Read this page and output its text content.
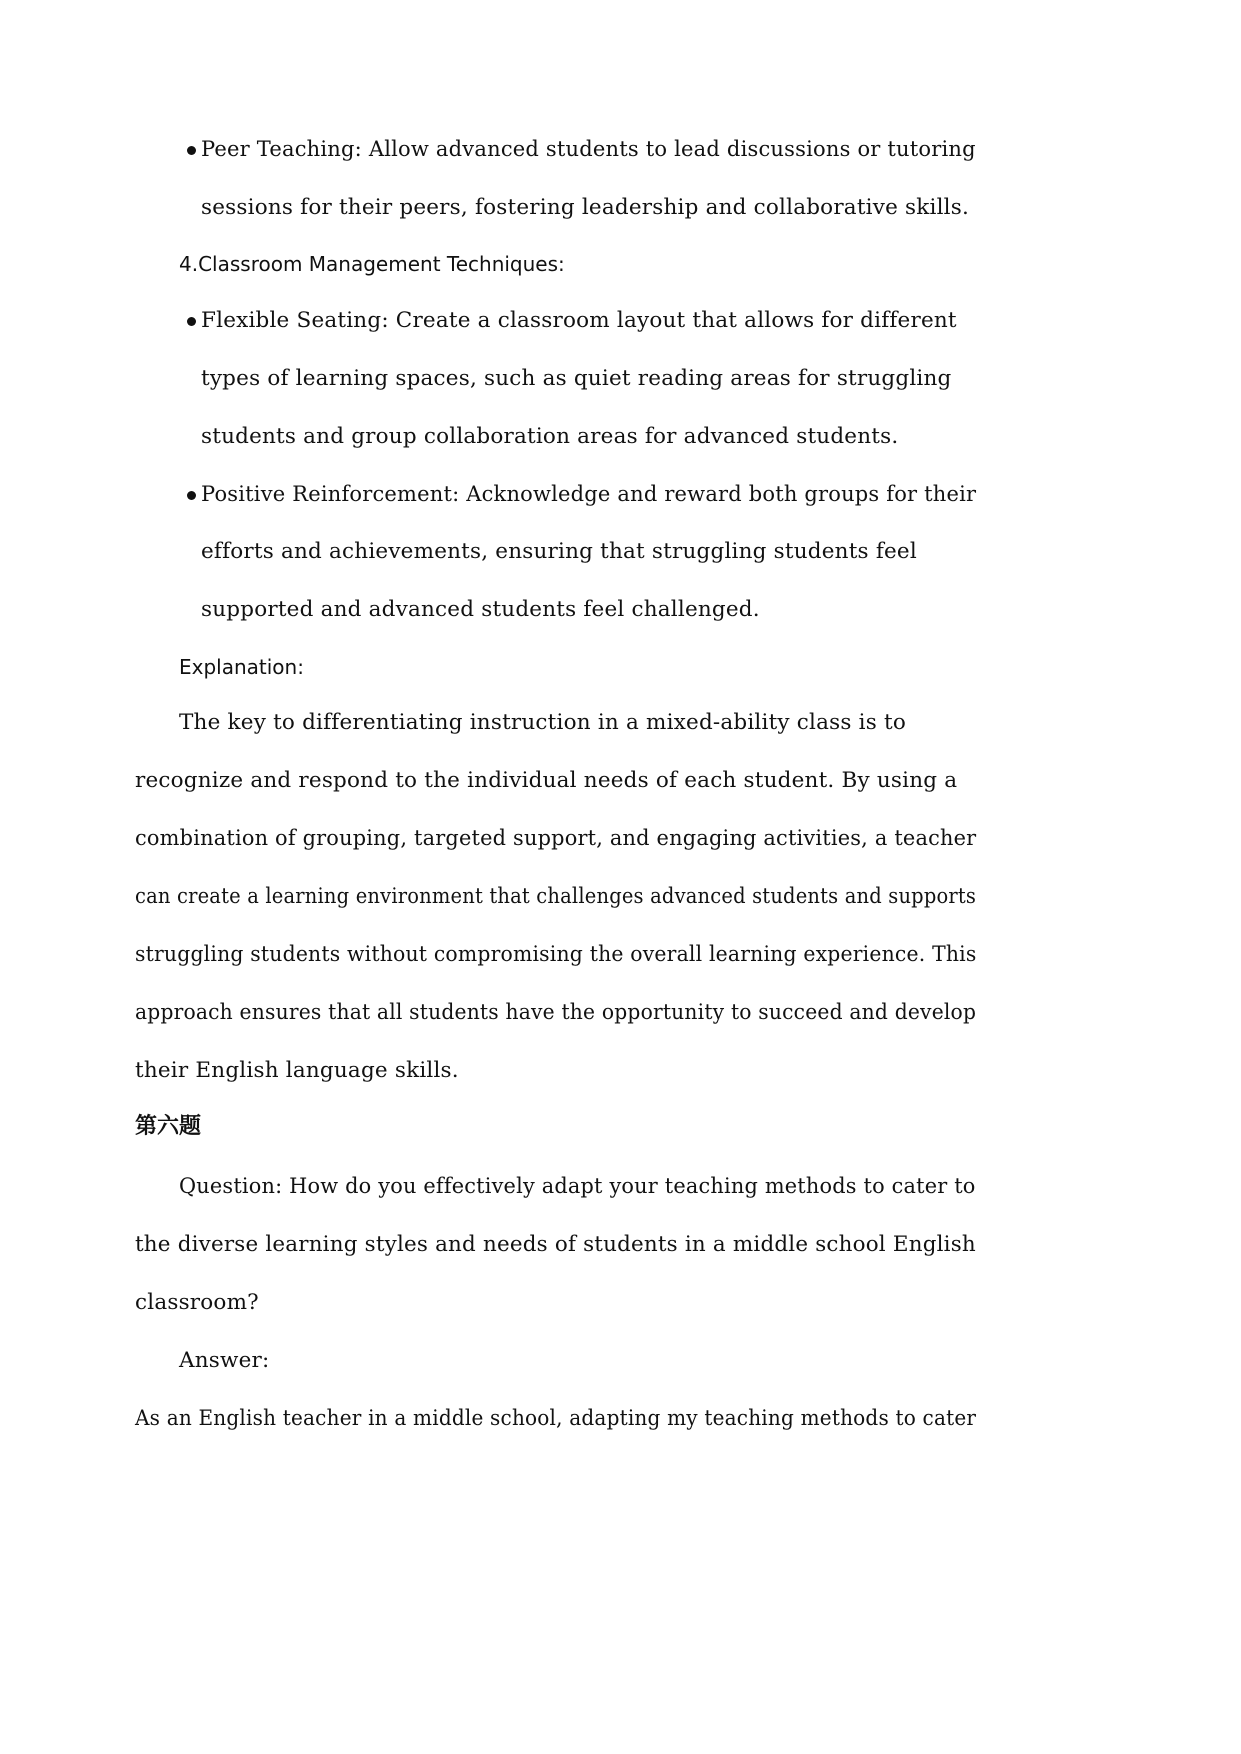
Peer Teaching: Allow advanced students to lead discussions or tutoring
sessions for their peers, fostering leadership and collaborative skills.
4.Classroom Management Techniques:
Flexible Seating: Create a classroom layout that allows for different
types of learning spaces, such as quiet reading areas for struggling
students and group collaboration areas for advanced students.
Positive Reinforcement: Acknowledge and reward both groups for their
efforts and achievements, ensuring that struggling students feel
supported and advanced students feel challenged.
Explanation:
The key to differentiating instruction in a mixed-ability class is to
recognize and respond to the individual needs of each student. By using a
combination of grouping, targeted support, and engaging activities, a teacher
can create a learning environment that challenges advanced students and supports
struggling students without compromising the overall learning experience. This
approach ensures that all students have the opportunity to succeed and develop
their English language skills.
第六题
Question: How do you effectively adapt your teaching methods to cater to
the diverse learning styles and needs of students in a middle school English
classroom?
Answer:
As an English teacher in a middle school, adapting my teaching methods to cater
